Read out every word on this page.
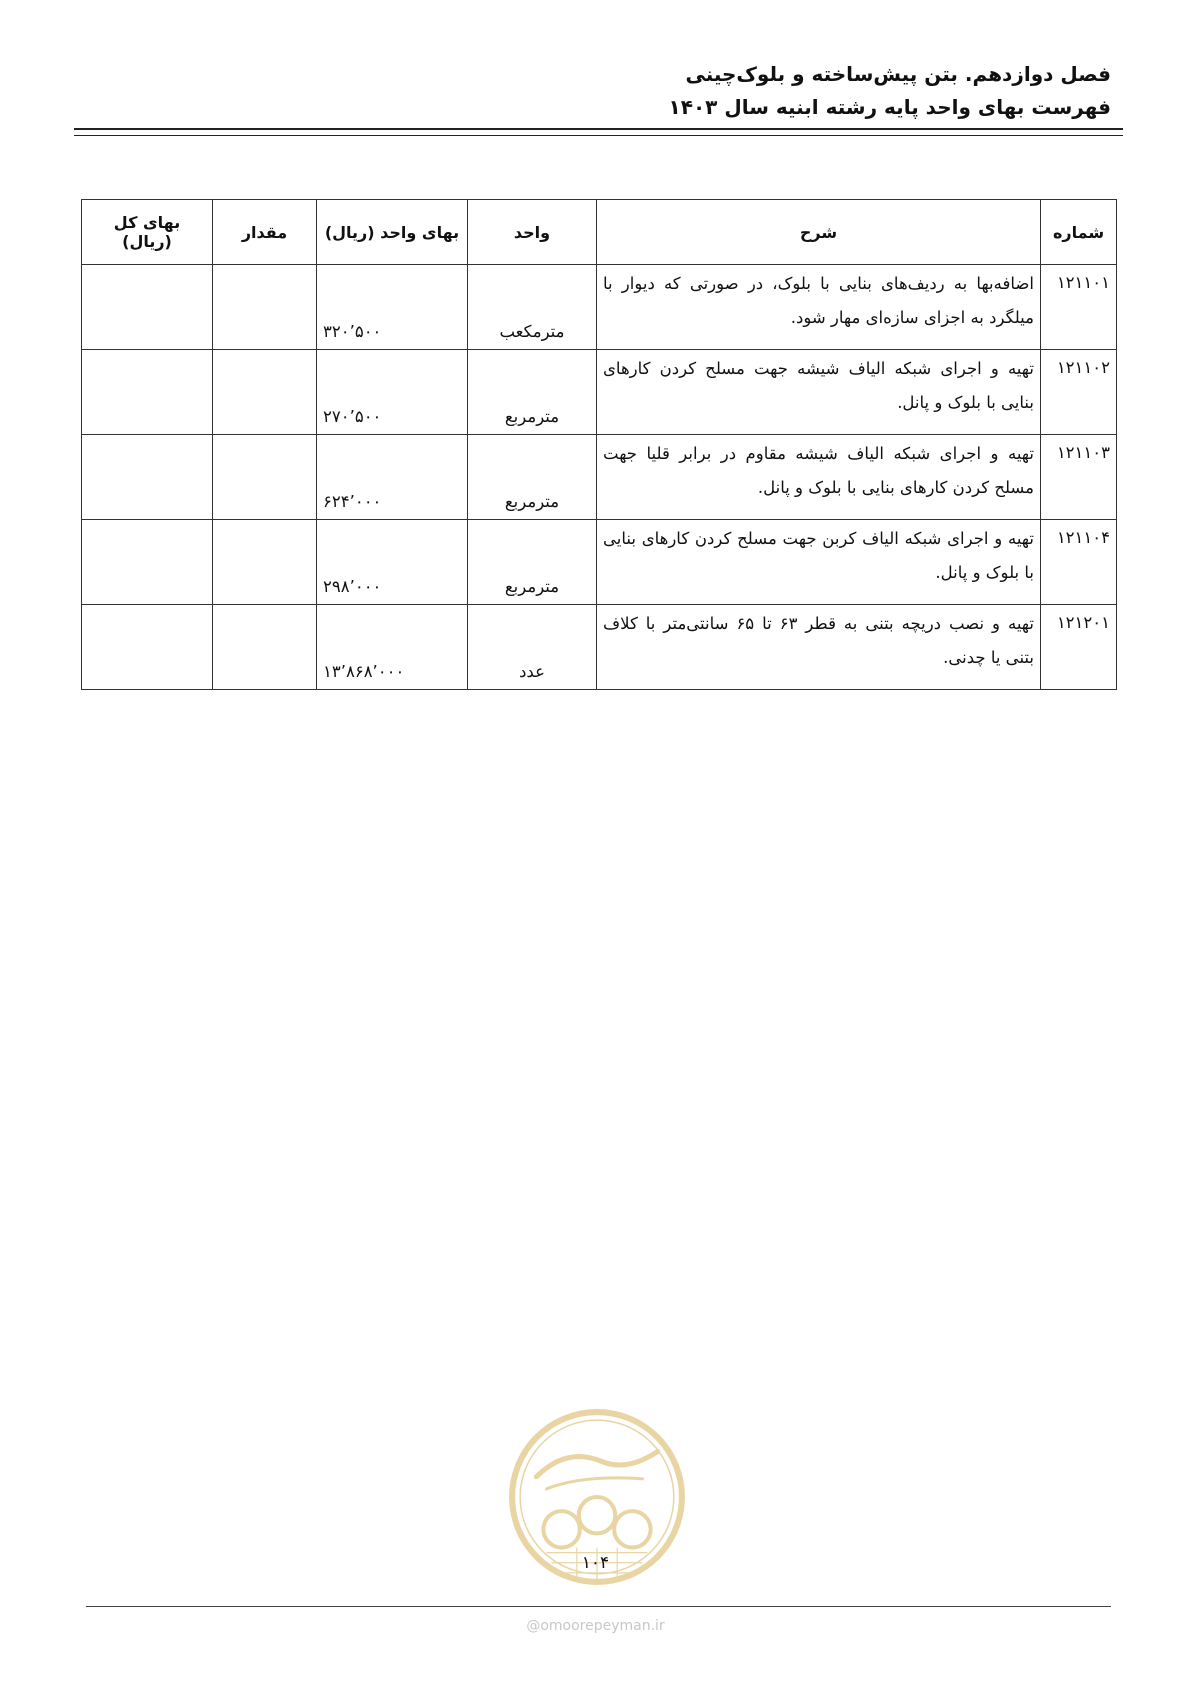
فصل دوازدهم. بتن پیش‌ساخته و بلوک‌چینی
فهرست بهای واحد پایه رشته ابنیه سال ۱۴۰۳
شماره	شرح	واحد	بهای واحد (ریال)	مقدار	بهای کل (ریال)
۱۲۱۱۰۱	اضافه‌بها به ردیف‌های بنایی با بلوک، در صورتی که دیوار با میلگرد به اجزای سازه‌ای مهار شود.	مترمکعب	۳۲۰٬۵۰۰		
۱۲۱۱۰۲	تهیه و اجرای شبکه الیاف شیشه جهت مسلح کردن کارهای بنایی با بلوک و پانل.	مترمربع	۲۷۰٬۵۰۰		
۱۲۱۱۰۳	تهیه و اجرای شبکه الیاف شیشه مقاوم در برابر قلیا جهت مسلح کردن کارهای بنایی با بلوک و پانل.	مترمربع	۶۲۴٬۰۰۰		
۱۲۱۱۰۴	تهیه و اجرای شبکه الیاف کربن جهت مسلح کردن کارهای بنایی با بلوک و پانل.	مترمربع	۲۹۸٬۰۰۰		
۱۲۱۲۰۱	تهیه و نصب دریچه بتنی به قطر ۶۳ تا ۶۵ سانتی‌متر با کلاف بتنی یا چدنی.	عدد	۱۳٬۸۶۸٬۰۰۰		
۱۰۴
@omoorepeyman.ir
